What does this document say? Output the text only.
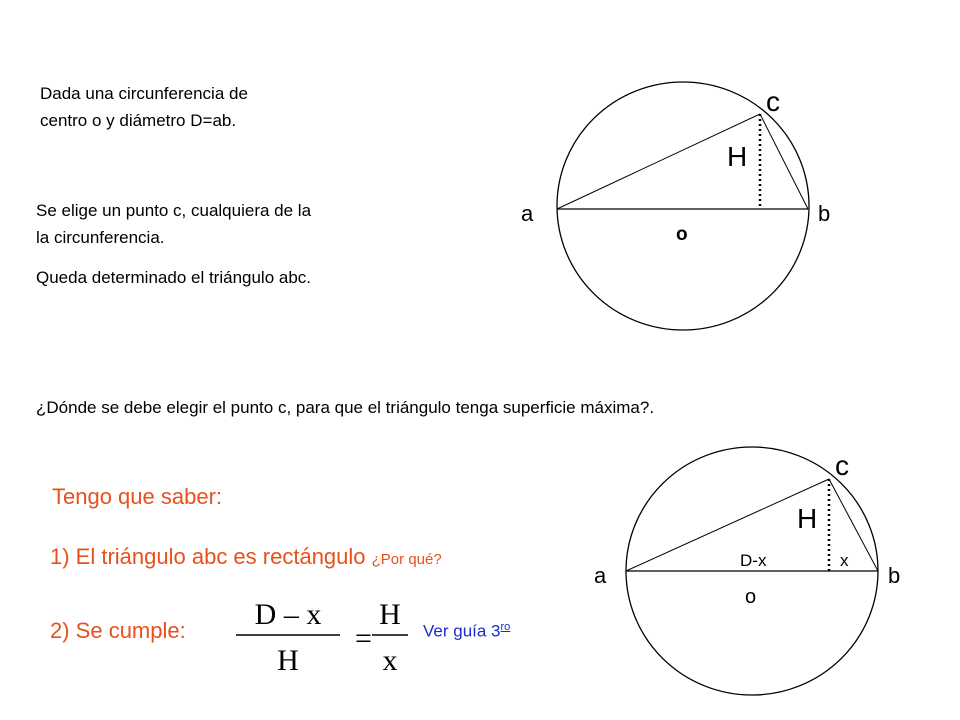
Dada una circunferencia de
centro o y diámetro D=ab.
Se elige un punto c, cualquiera de la
la circunferencia.

Queda determinado el triángulo abc.

¿Dónde se debe elegir el punto c, para que el triángulo tenga superficie máxima?.

Tengo que saber:

1) El triángulo abc es rectángulo ¿Por qué?

2) Se cumple:	Ver guía $3^{ro}$

c
H
a	b
o
c
H
D-x	x
a	b
o
D – x
H
=
H
x
